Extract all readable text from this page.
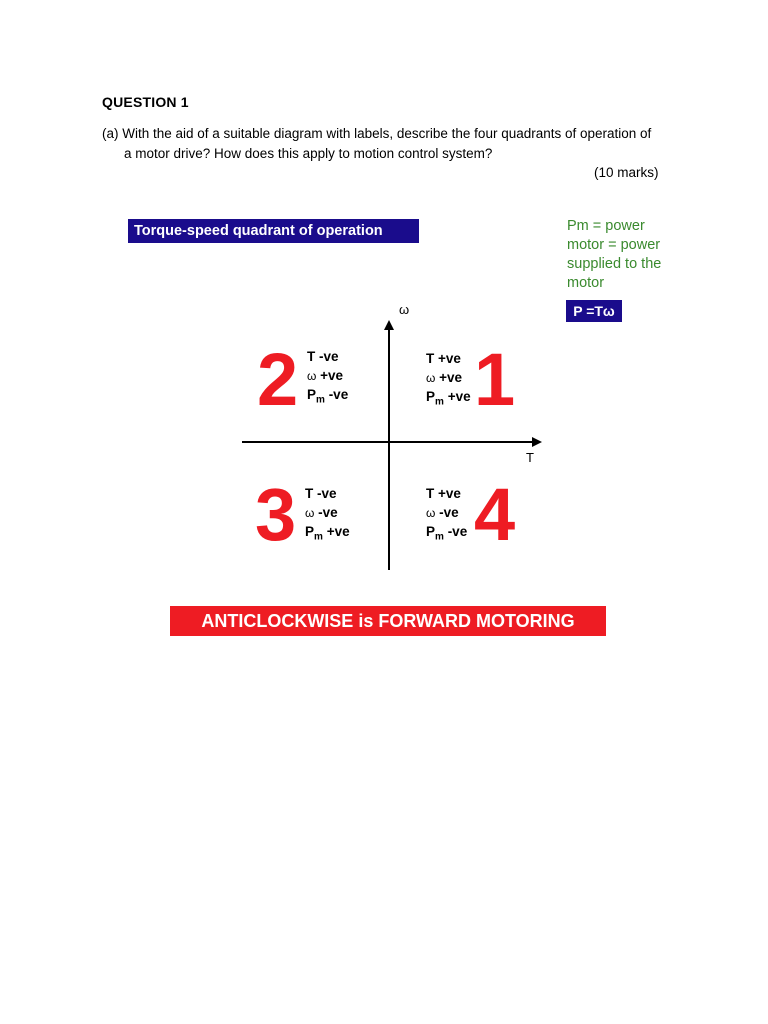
QUESTION 1
(a) With the aid of a suitable diagram with labels, describe the four quadrants of operation of
a motor drive? How does this apply to motion control system?
(10 marks)
Torque-speed quadrant of operation	Pm = power
motor = power
supplied to the
motor
P =Tω
ω
T
2 T -ve
ω +ve
$P_m$ -ve 1
T +ve
ω +ve
$P_m +ve$
3 T -ve
ω -ve
$P_m +ve$ 4
T +ve
ω -ve
$P_m$ -ve
ANTICLOCKWISE is FORWARD MOTORING
